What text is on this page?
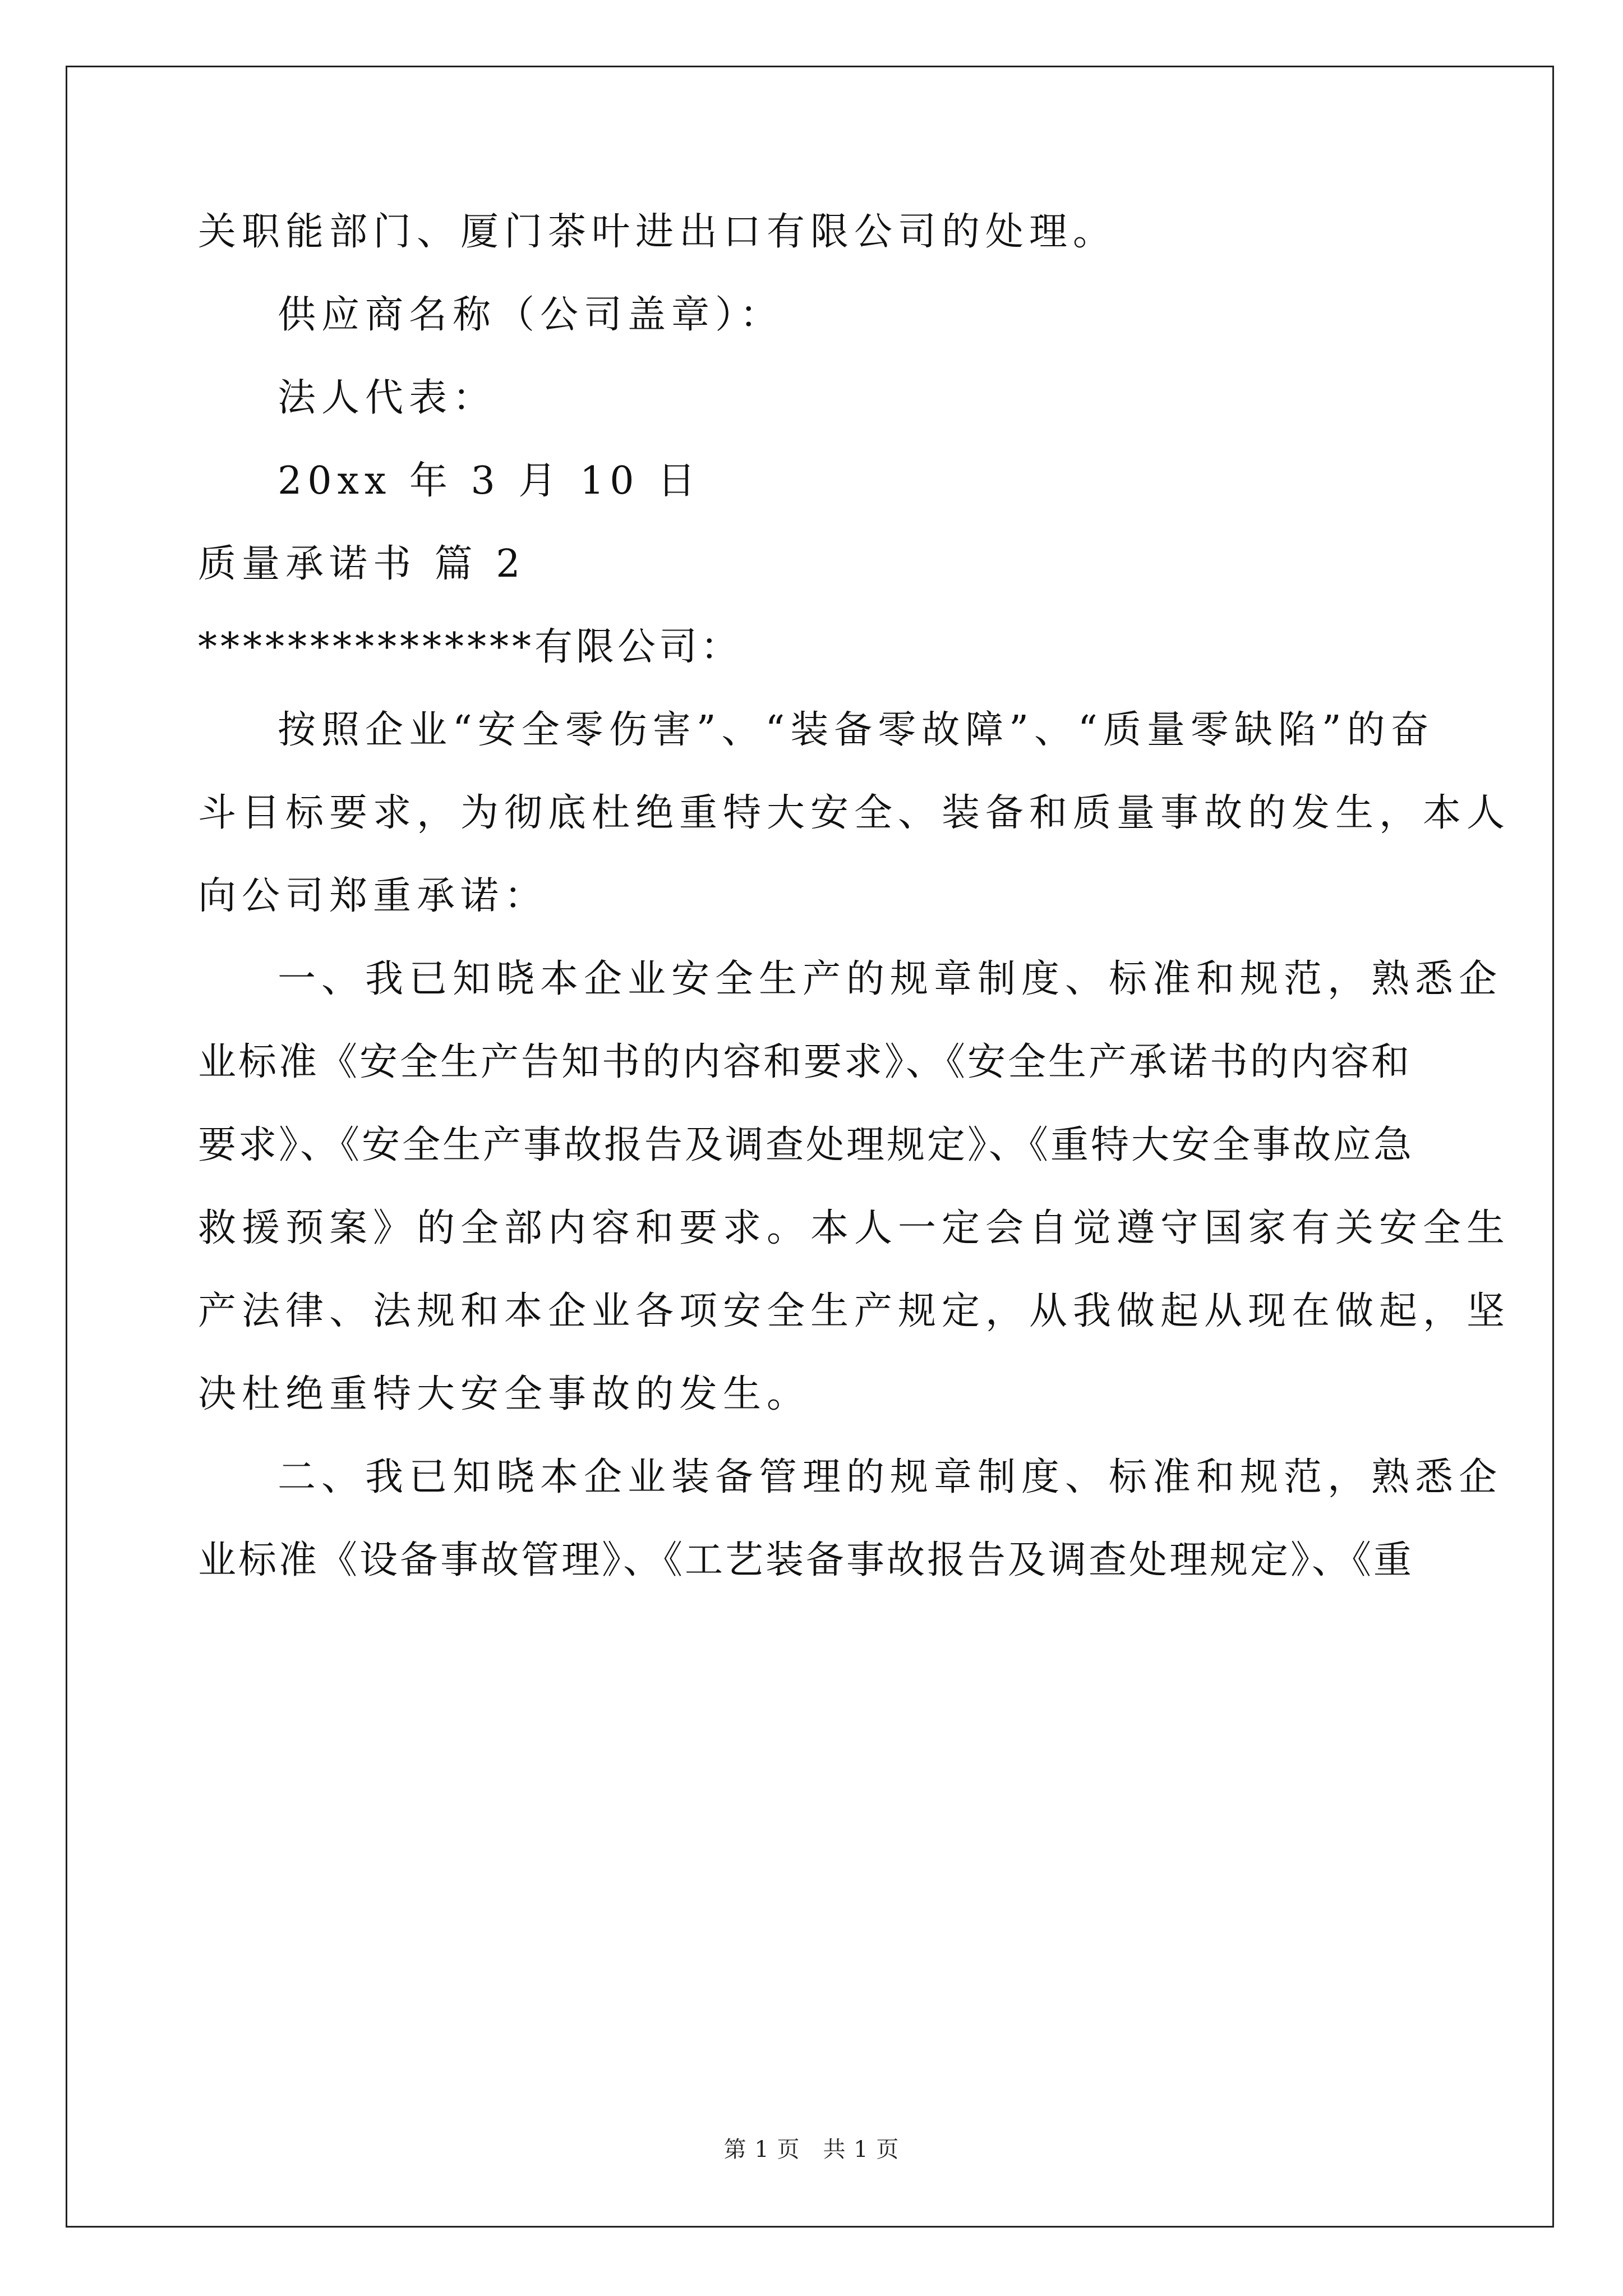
关职能部门、厦门茶叶进出口有限公司的处理。
供应商名称（公司盖章）：
法人代表：
20xx 年 3 月 10 日
质量承诺书 篇 2
***************有限公司：
按照企业“安全零伤害”、“装备零故障”、“质量零缺陷”的奋
斗目标要求，为彻底杜绝重特大安全、装备和质量事故的发生，本人
向公司郑重承诺：
一、我已知晓本企业安全生产的规章制度、标准和规范，熟悉企
业标准《安全生产告知书的内容和要求》、《安全生产承诺书的内容和
要求》、《安全生产事故报告及调查处理规定》、《重特大安全事故应急
救援预案》的全部内容和要求。本人一定会自觉遵守国家有关安全生
产法律、法规和本企业各项安全生产规定，从我做起从现在做起，坚
决杜绝重特大安全事故的发生。
二、我已知晓本企业装备管理的规章制度、标准和规范，熟悉企
业标准《设备事故管理》、《工艺装备事故报告及调查处理规定》、《重
第 1 页　共 1 页
